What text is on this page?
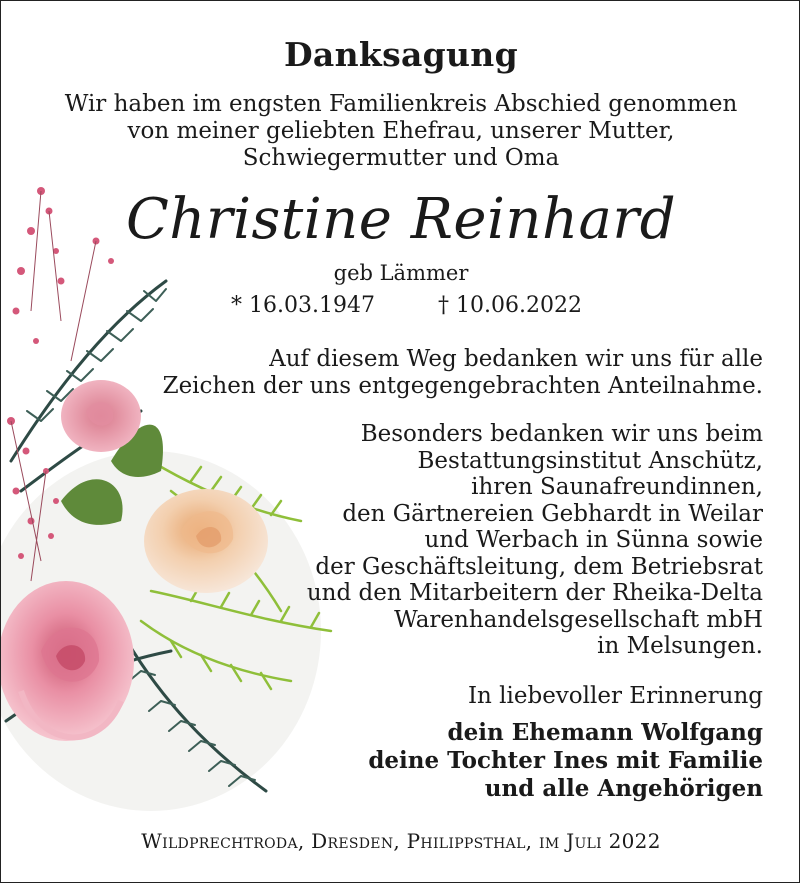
Danksagung
Wir haben im engsten Familienkreis Abschied genommen
von meiner geliebten Ehefrau, unserer Mutter,
Schwiegermutter und Oma
Christine Reinhard
geb Lämmer
* 16.03.1947	† 10.06.2022
Auf diesem Weg bedanken wir uns für alle
Zeichen der uns entgegengebrachten Anteilnahme.
Besonders bedanken wir uns beim
Bestattungsinstitut Anschütz,
ihren Saunafreundinnen,
den Gärtnereien Gebhardt in Weilar
und Werbach in Sünna sowie
der Geschäftsleitung, dem Betriebsrat
und den Mitarbeitern der Rheika-Delta
Warenhandelsgesellschaft mbH
in Melsungen.
In liebevoller Erinnerung
dein Ehemann Wolfgang
deine Tochter Ines mit Familie
und alle Angehörigen
Wildprechtroda, Dresden, Philippsthal, im Juli 2022
